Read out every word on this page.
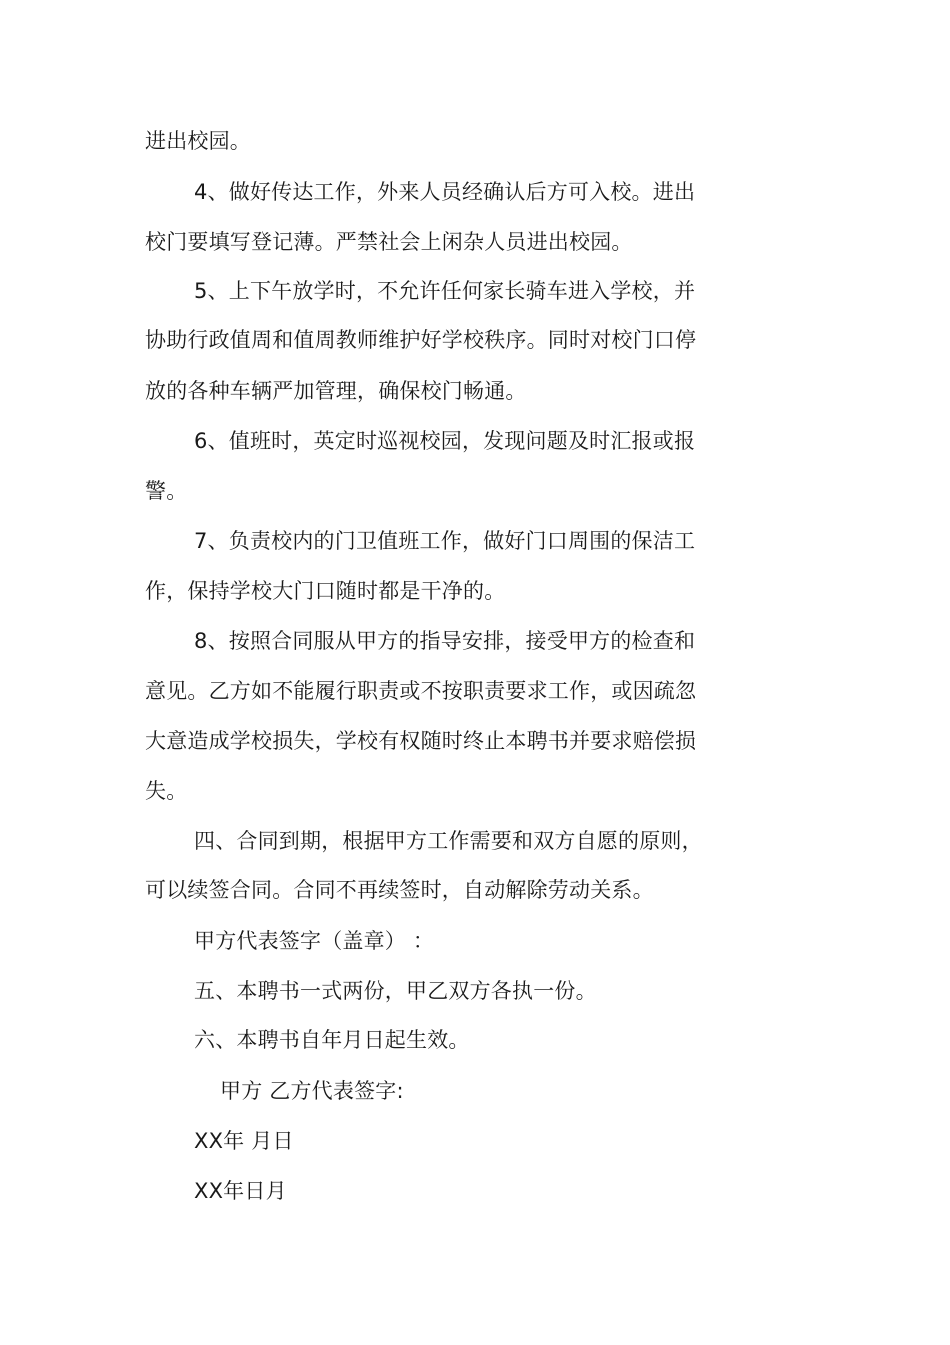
进出校园。
4、做好传达工作，外来人员经确认后方可入校。进出
校门要填写登记薄。严禁社会上闲杂人员进出校园。
5、上下午放学时，不允许任何家长骑车进入学校，并
协助行政值周和值周教师维护好学校秩序。同时对校门口停
放的各种车辆严加管理，确保校门畅通。
6、值班时，英定时巡视校园，发现问题及时汇报或报
警。
7、负责校内的门卫值班工作，做好门口周围的保洁工
作，保持学校大门口随时都是干净的。
8、按照合同服从甲方的指导安排，接受甲方的检查和
意见。乙方如不能履行职责或不按职责要求工作，或因疏忽
大意造成学校损失，学校有权随时终止本聘书并要求赔偿损
失。
四、合同到期，根据甲方工作需要和双方自愿的原则，
可以续签合同。合同不再续签时，自动解除劳动关系。
甲方代表签字（盖章） ：
五、本聘书一式两份，甲乙双方各执一份。
六、本聘书自年月日起生效。
甲方 乙方代表签字:
XX年 月日
XX年日月
